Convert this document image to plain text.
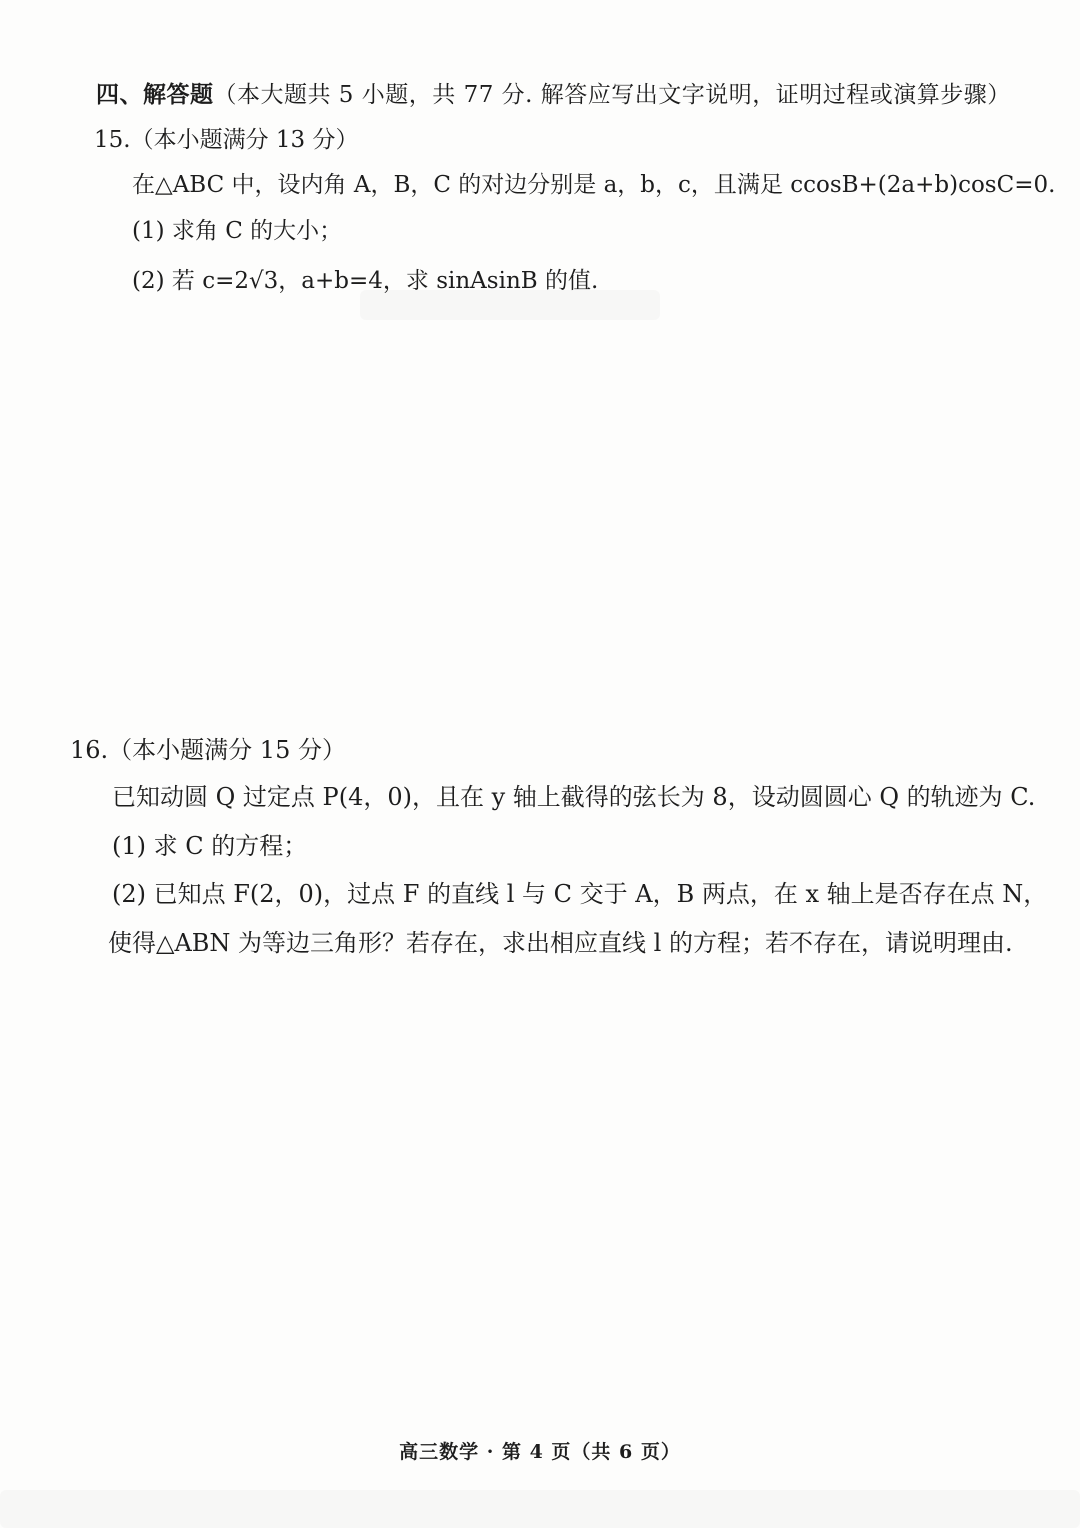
四、解答题（本大题共 5 小题，共 77 分. 解答应写出文字说明，证明过程或演算步骤）
15.（本小题满分 13 分）
在△ABC 中，设内角 A，B，C 的对边分别是 a，b，c，且满足 ccosB+(2a+b)cosC=0.
(1) 求角 C 的大小；
(2) 若 c=2√3，a+b=4，求 sinAsinB 的值.
16.（本小题满分 15 分）
已知动圆 Q 过定点 P(4，0)，且在 y 轴上截得的弦长为 8，设动圆圆心 Q 的轨迹为 C.
(1) 求 C 的方程；
(2) 已知点 F(2，0)，过点 F 的直线 l 与 C 交于 A，B 两点，在 x 轴上是否存在点 N，
使得△ABN 为等边三角形？若存在，求出相应直线 l 的方程；若不存在，请说明理由.
高三数学 · 第 4 页（共 6 页）
